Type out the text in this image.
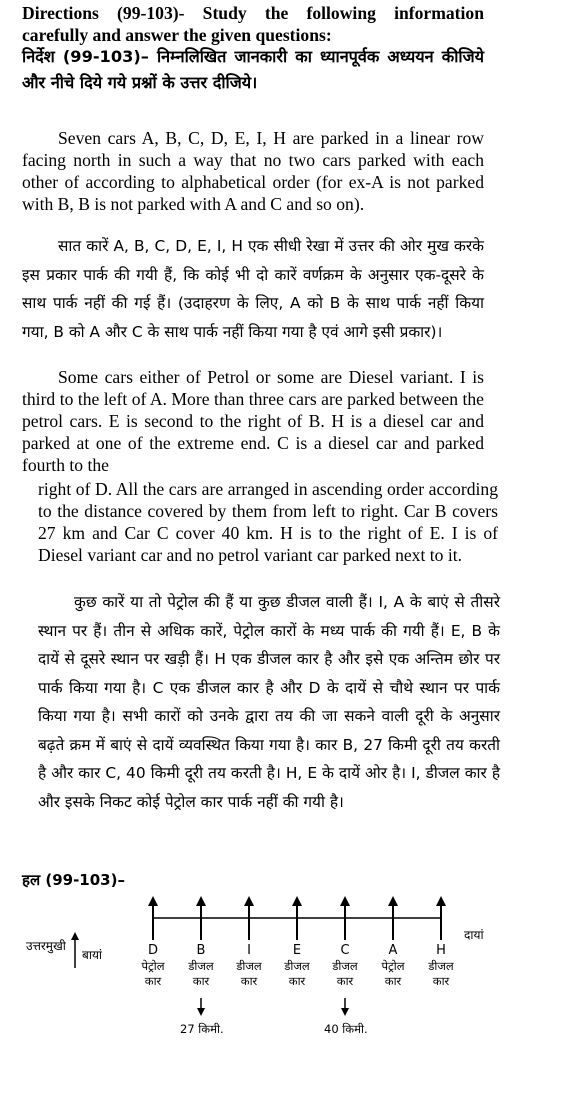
Directions (99-103)- Study the following information carefully and answer the given questions:
निर्देश (99-103)– निम्नलिखित जानकारी का ध्यानपूर्वक अध्ययन कीजिये और नीचे दिये गये प्रश्नों के उत्तर दीजिये।
Seven cars A, B, C, D, E, I, H are parked in a linear row facing north in such a way that no two cars parked with each other of according to alphabetical order (for ex-A is not parked with B, B is not parked with A and C and so on).
सात कारें A, B, C, D, E, I, H एक सीधी रेखा में उत्तर की ओर मुख करके इस प्रकार पार्क की गयी हैं, कि कोई भी दो कारें वर्णक्रम के अनुसार एक-दूसरे के साथ पार्क नहीं की गई हैं। (उदाहरण के लिए, A को B के साथ पार्क नहीं किया गया, B को A और C के साथ पार्क नहीं किया गया है एवं आगे इसी प्रकार)।
Some cars either of Petrol or some are Diesel variant. I is third to the left of A. More than three cars are parked between the petrol cars. E is second to the right of B. H is a diesel car and parked at one of the extreme end. C is a diesel car and parked fourth to the
right of D. All the cars are arranged in ascending order according to the distance covered by them from left to right. Car B covers 27 km and Car C cover 40 km. H is to the right of E. I is of Diesel variant car and no petrol variant car parked next to it.
कुछ कारें या तो पेट्रोल की हैं या कुछ डीजल वाली हैं। I, A के बाएं से तीसरे स्थान पर हैं। तीन से अधिक कारें, पेट्रोल कारों के मध्य पार्क की गयी हैं। E, B के दायें से दूसरे स्थान पर खड़ी हैं। H एक डीजल कार है और इसे एक अन्तिम छोर पर पार्क किया गया है। C एक डीजल कार है और D के दायें से चौथे स्थान पर पार्क किया गया है। सभी कारों को उनके द्वारा तय की जा सकने वाली दूरी के अनुसार बढ़ते क्रम में बाएं से दायें व्यवस्थित किया गया है। कार B, 27 किमी दूरी तय करती है और कार C, 40 किमी दूरी तय करती है। H, E के दायें ओर है। I, डीजल कार है और इसके निकट कोई पेट्रोल कार पार्क नहीं की गयी है।
हल (99-103)–
उत्तरमुखी
बायां
दायां
D
पेट्रोल
कार
B
डीजल
कार
I
डीजल
कार
E
डीजल
कार
C
डीजल
कार
A
पेट्रोल
कार
H
डीजल
कार
27 किमी.	40 किमी.
